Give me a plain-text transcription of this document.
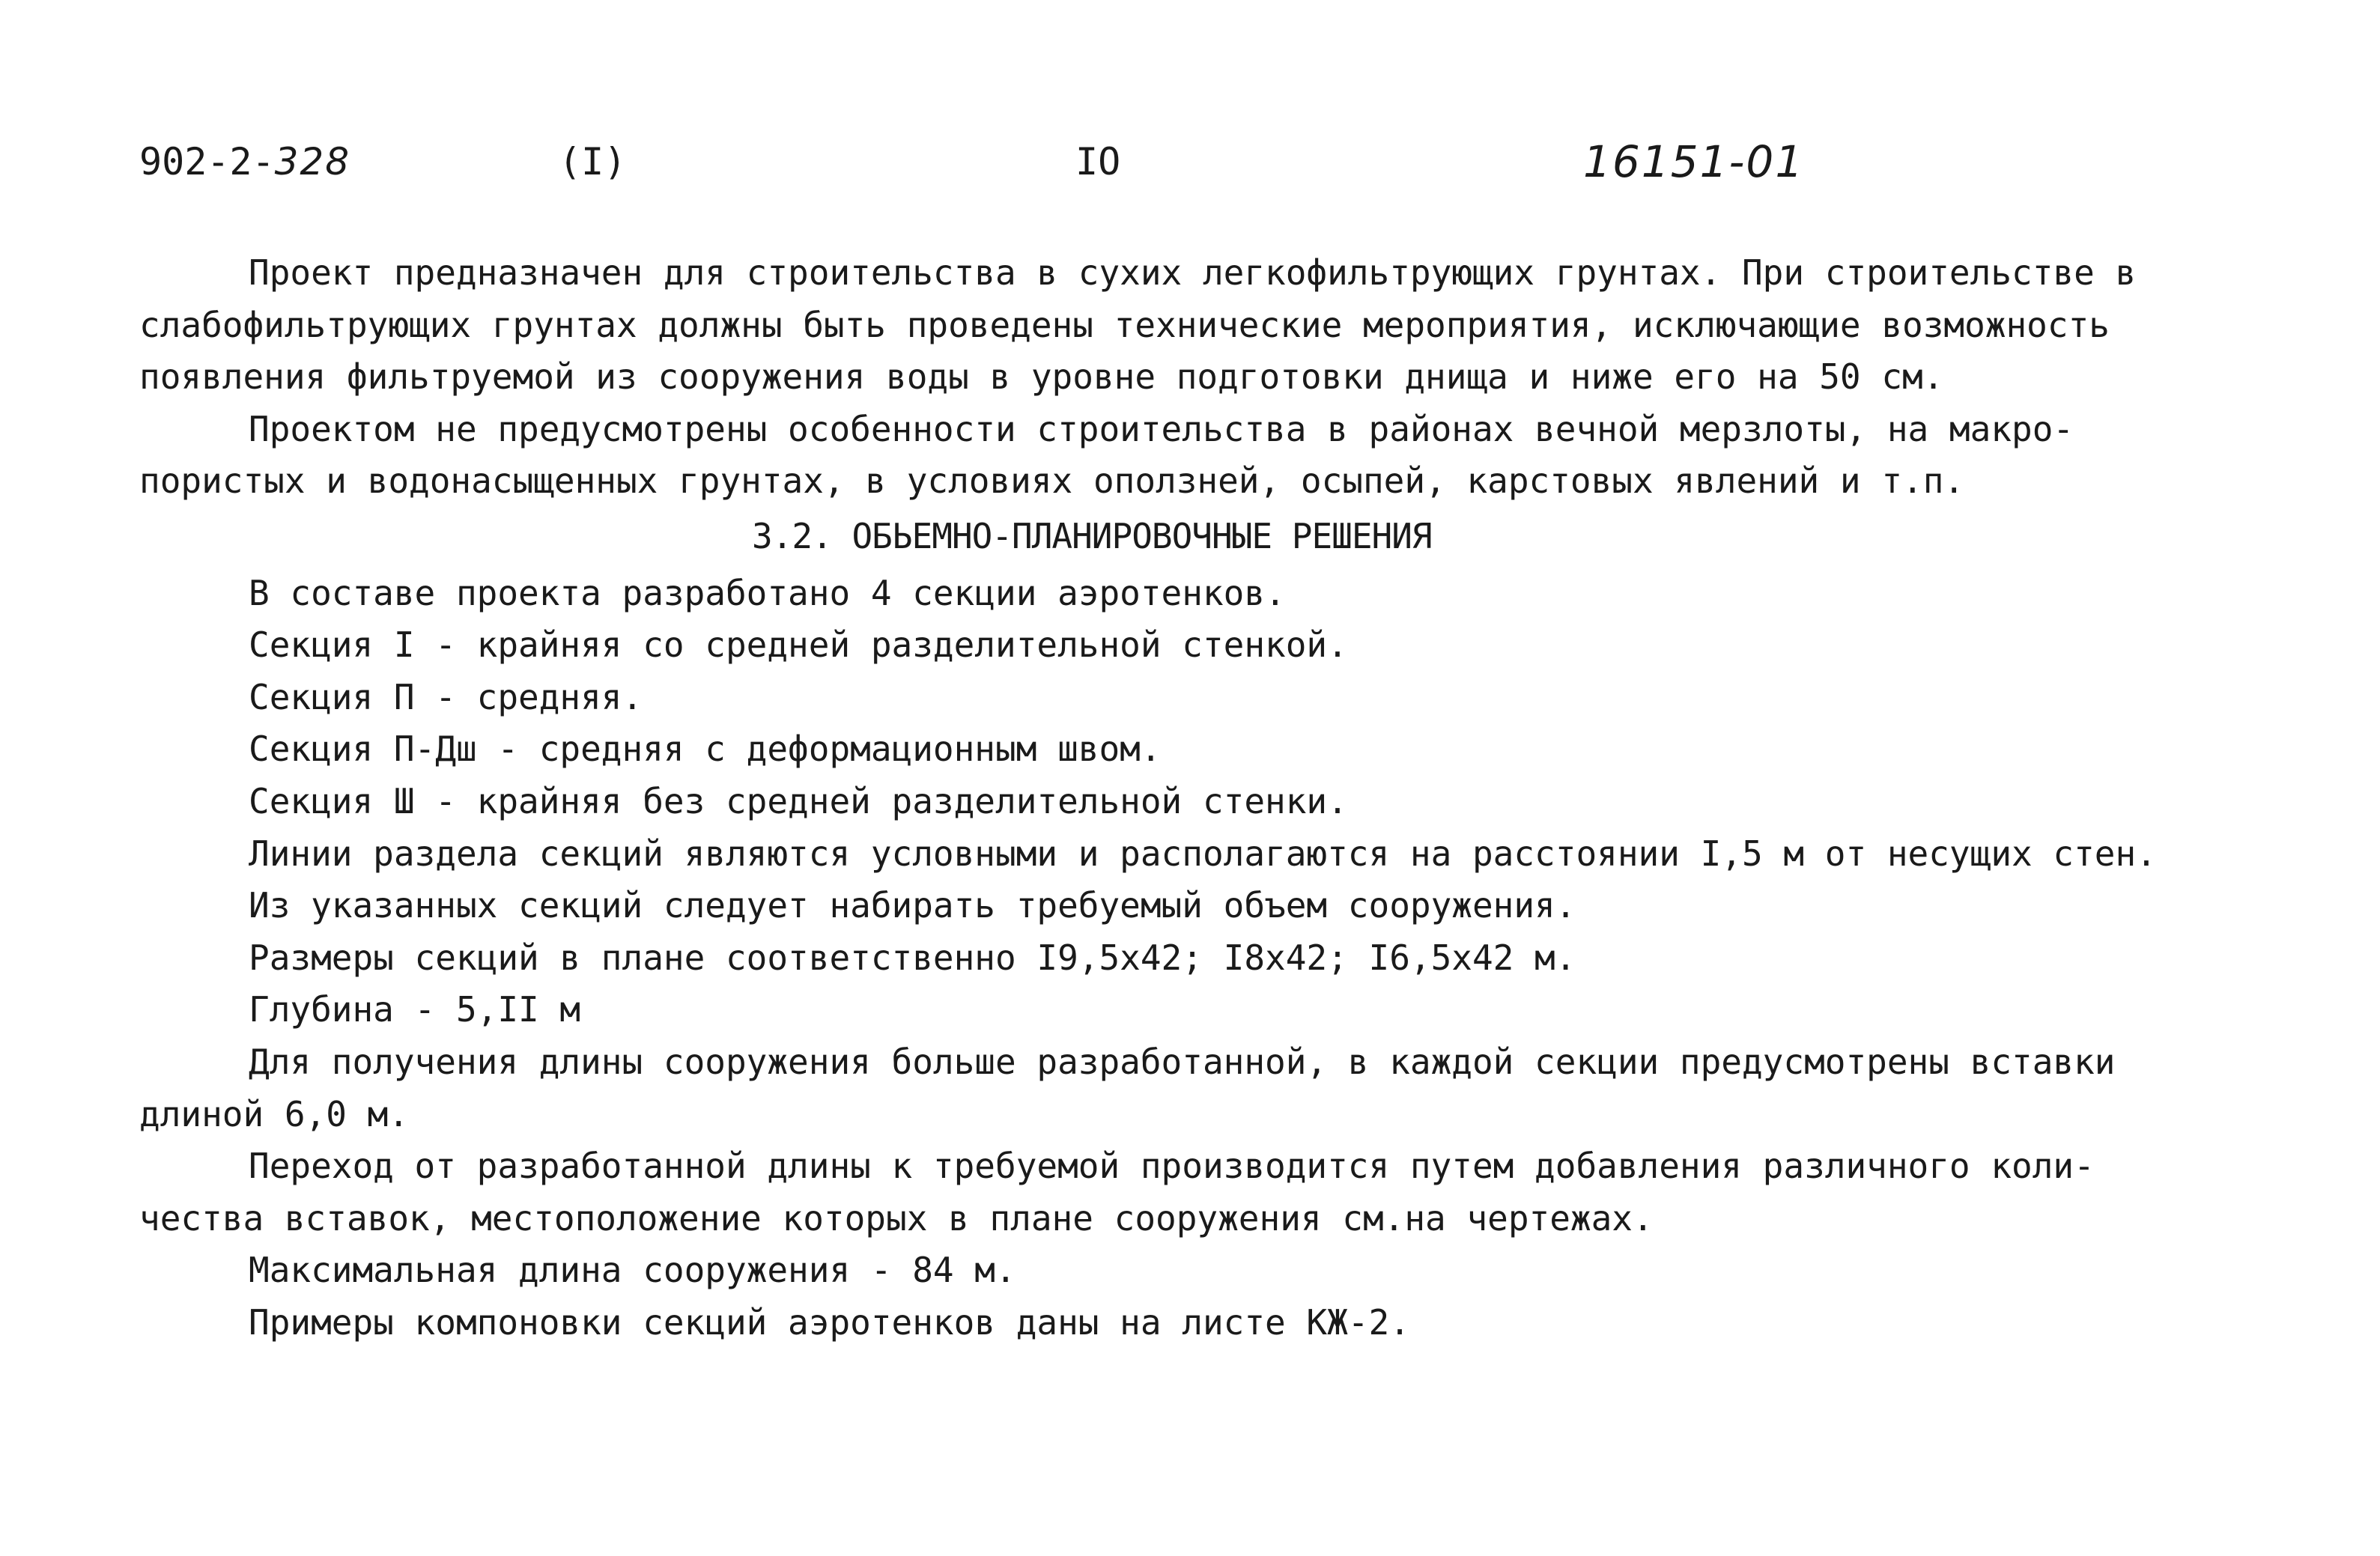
902-2-328	(I)	IO	16151-01

Проект предназначен для строительства в сухих легкофильтрующих грунтах. При строительстве в

слабофильтрующих грунтах должны быть проведены технические мероприятия, исключающие возможность

появления фильтруемой из сооружения воды в уровне подготовки днища и ниже его на 50 см.

Проектом не предусмотрены особенности строительства в районах вечной мерзлоты, на макро-

пористых и водонасыщенных грунтах, в условиях оползней, осыпей, карстовых явлений и т.п.

3.2. ОБЬЕМНО-ПЛАНИРОВОЧНЫЕ РЕШЕНИЯ

В составе проекта разработано 4 секции аэротенков.

Секция I - крайняя со средней разделительной стенкой.

Секция П - средняя.

Секция П-Дш - средняя с деформационным швом.

Секция Ш - крайняя без средней разделительной стенки.

Линии раздела секций являются условными и располагаются на расстоянии I,5 м от несущих стен.

Из указанных секций следует набирать требуемый объем сооружения.

Размеры секций в плане соответственно I9,5х42; I8х42; I6,5х42 м.

Глубина - 5,II м

Для получения длины сооружения больше разработанной, в каждой секции предусмотрены вставки

длиной 6,0 м.

Переход от разработанной длины к требуемой производится путем добавления различного коли-

чества вставок, местоположение которых в плане сооружения см.на чертежах.

Максимальная длина сооружения - 84 м.

Примеры компоновки секций аэротенков даны на листе КЖ-2.
